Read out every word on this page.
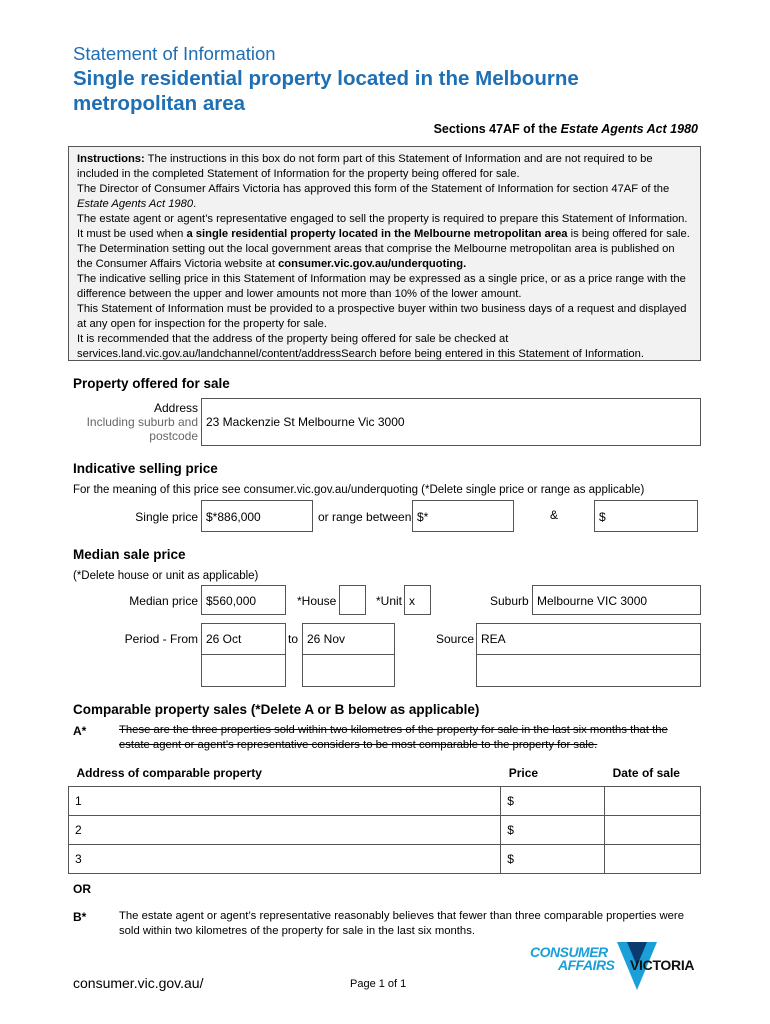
Statement of Information
Single residential property located in the Melbourne
metropolitan area
Sections 47AF of the Estate Agents Act 1980

Instructions: The instructions in this box do not form part of this Statement of Information and are not required to be included in the completed Statement of Information for the property being offered for sale.

The Director of Consumer Affairs Victoria has approved this form of the Statement of Information for section 47AF of the Estate Agents Act 1980.

The estate agent or agent’s representative engaged to sell the property is required to prepare this Statement of Information. It must be used when a single residential property located in the Melbourne metropolitan area is being offered for sale. The Determination setting out the local government areas that comprise the Melbourne metropolitan area is published on the Consumer Affairs Victoria website at consumer.vic.gov.au/underquoting.

The indicative selling price in this Statement of Information may be expressed as a single price, or as a price range with the difference between the upper and lower amounts not more than 10% of the lower amount.

This Statement of Information must be provided to a prospective buyer within two business days of a request and displayed at any open for inspection for the property for sale.

It is recommended that the address of the property being offered for sale be checked at services.land.vic.gov.au/landchannel/content/addressSearch before being entered in this Statement of Information.

Property offered for sale
Address
Including suburb and
postcode
23 Mackenzie St Melbourne Vic 3000
Indicative selling price
For the meaning of this price see consumer.vic.gov.au/underquoting (*Delete single price or range as applicable)
Single price $*886,000	or range between $*	&	$
Median sale price
(*Delete house or unit as applicable)
Median price $560,000	*House	*Unit x	Suburb Melbourne VIC 3000
Period - From 26 Oct	to 26 Nov	Source REA
Comparable property sales (*Delete A or B below as applicable)
A*	These are the three properties sold within two kilometres of the property for sale in the last six months that the estate agent or agent’s representative considers to be most comparable to the property for sale.
Address of comparable property	Price	Date of sale
1	$	
2	$	
3	$	
OR
B*	The estate agent or agent’s representative reasonably believes that fewer than three comparable properties were sold within two kilometres of the property for sale in the last six months.
consumer.vic.gov.au/	Page 1 of 1
CONSUMER
AFFAIRS VICTORIA
